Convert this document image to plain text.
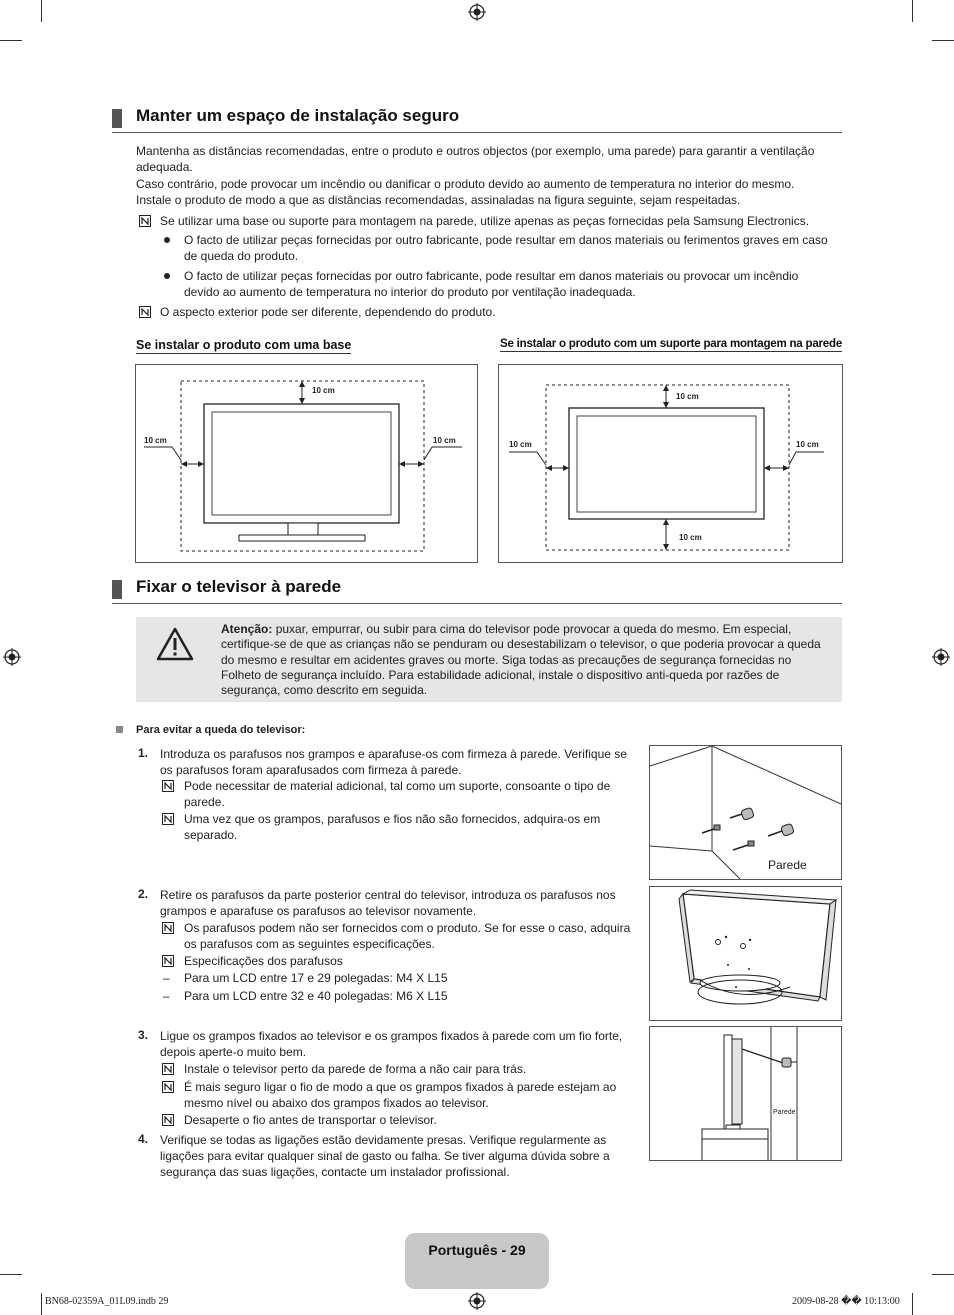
Manter um espaço de instalação seguro
Mantenha as distâncias recomendadas, entre o produto e outros objectos (por exemplo, uma parede) para garantir a ventilação adequada.
Caso contrário, pode provocar um incêndio ou danificar o produto devido ao aumento de temperatura no interior do mesmo.
Instale o produto de modo a que as distâncias recomendadas, assinaladas na figura seguinte, sejam respeitadas.
Se utilizar uma base ou suporte para montagem na parede, utilize apenas as peças fornecidas pela Samsung Electronics.
O facto de utilizar peças fornecidas por outro fabricante, pode resultar em danos materiais ou ferimentos graves em caso de queda do produto.
O facto de utilizar peças fornecidas por outro fabricante, pode resultar em danos materiais ou provocar um incêndio devido ao aumento de temperatura no interior do produto por ventilação inadequada.
O aspecto exterior pode ser diferente, dependendo do produto.
Se instalar o produto com uma base	Se instalar o produto com um suporte para montagem na parede
10 cm
10 cm	10 cm
10 cm
10 cm	10 cm
10 cm
Fixar o televisor à parede
Atenção: puxar, empurrar, ou subir para cima do televisor pode provocar a queda do mesmo. Em especial, certifique-se de que as crianças não se penduram ou desestabilizam o televisor, o que poderia provocar a queda do mesmo e resultar em acidentes graves ou morte. Siga todas as precauções de segurança fornecidas no Folheto de segurança incluído. Para estabilidade adicional, instale o dispositivo anti-queda por razões de segurança, como descrito em seguida.
Para evitar a queda do televisor:
1. Introduza os parafusos nos grampos e aparafuse-os com firmeza à parede. Verifique se os parafusos foram aparafusados com firmeza à parede.
Pode necessitar de material adicional, tal como um suporte, consoante o tipo de parede.
Uma vez que os grampos, parafusos e fios não são fornecidos, adquira-os em separado.
2. Retire os parafusos da parte posterior central do televisor, introduza os parafusos nos grampos e aparafuse os parafusos ao televisor novamente.
Os parafusos podem não ser fornecidos com o produto. Se for esse o caso, adquira os parafusos com as seguintes especificações.
Especificações dos parafusos
– Para um LCD entre 17 e 29 polegadas: M4 X L15
– Para um LCD entre 32 e 40 polegadas: M6 X L15
3. Ligue os grampos fixados ao televisor e os grampos fixados à parede com um fio forte, depois aperte-o muito bem.
Instale o televisor perto da parede de forma a não cair para trás.
É mais seguro ligar o fio de modo a que os grampos fixados à parede estejam ao mesmo nível ou abaixo dos grampos fixados ao televisor.
Desaperte o fio antes de transportar o televisor.
4. Verifique se todas as ligações estão devidamente presas. Verifique regularmente as ligações para evitar qualquer sinal de gasto ou falha. Se tiver alguma dúvida sobre a segurança das suas ligações, contacte um instalador profissional.
Parede
Parede
Português - 29
BN68-02359A_01L09.indb 29	2009-08-28 �� 10:13:00
